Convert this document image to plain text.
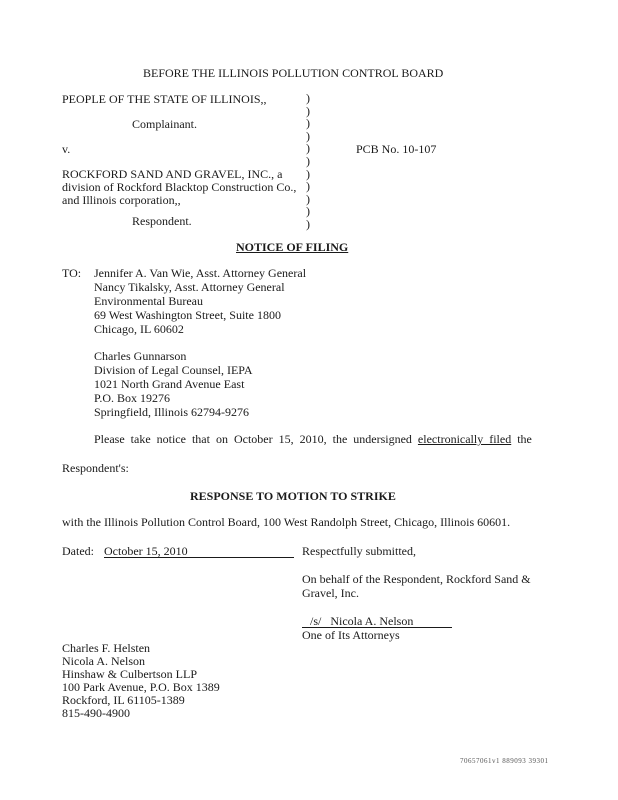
BEFORE THE ILLINOIS POLLUTION CONTROL BOARD
PEOPLE OF THE STATE OF ILLINOIS,,
Complainant.
v.
ROCKFORD SAND AND GRAVEL, INC., a
division of Rockford Blacktop Construction Co.,
and Illinois corporation,,
Respondent.
)
)
)
)
)
)
)
)
)
)
)
PCB No. 10-107
NOTICE OF FILING
TO: Jennifer A. Van Wie, Asst. Attorney General
Nancy Tikalsky, Asst. Attorney General
Environmental Bureau
69 West Washington Street, Suite 1800
Chicago, IL 60602
Charles Gunnarson
Division of Legal Counsel, IEPA
1021 North Grand Avenue East
P.O. Box 19276
Springfield, Illinois 62794-9276
Please take notice that on October 15, 2010, the undersigned electronically filed the
Respondent's:
RESPONSE TO MOTION TO STRIKE
with the Illinois Pollution Control Board, 100 West Randolph Street, Chicago, Illinois 60601.
Dated: October 15, 2010	Respectfully submitted,
On behalf of the Respondent, Rockford Sand &
Gravel, Inc.
/s/   Nicola A. Nelson
One of Its Attorneys
Charles F. Helsten
Nicola A. Nelson
Hinshaw & Culbertson LLP
100 Park Avenue, P.O. Box 1389
Rockford, IL 61105-1389
815-490-4900
70657061v1 889093 39301
